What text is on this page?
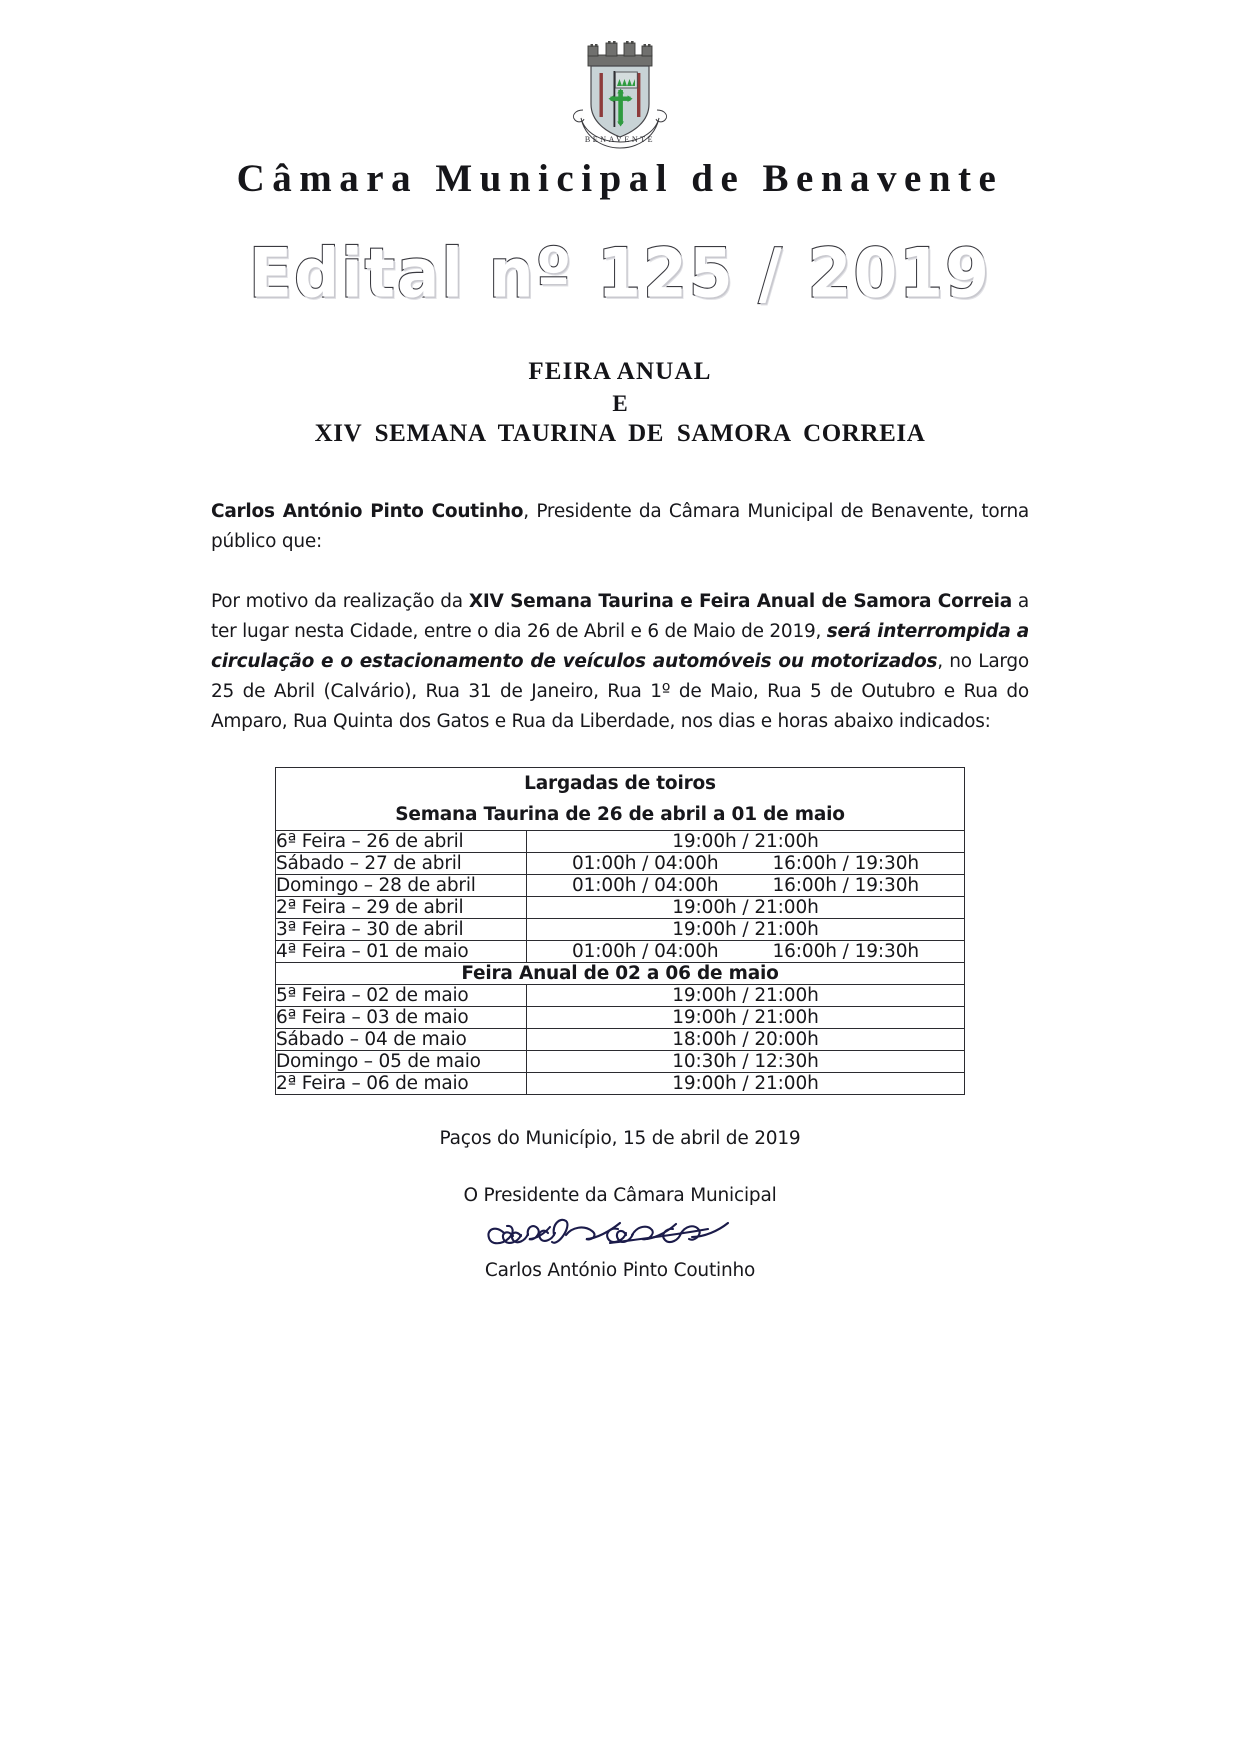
BENAVENTE
Câmara Municipal de Benavente
Edital nº 125 / 2019
FEIRA ANUAL
E
XIV SEMANA TAURINA DE SAMORA CORREIA

Carlos António Pinto Coutinho, Presidente da Câmara Municipal de Benavente, torna público que:

Por motivo da realização da XIV Semana Taurina e Feira Anual de Samora Correia a ter lugar nesta Cidade, entre o dia 26 de Abril e 6 de Maio de 2019, será interrompida a circulação e o estacionamento de veículos automóveis ou motorizados, no Largo 25 de Abril (Calvário), Rua 31 de Janeiro, Rua 1º de Maio, Rua 5 de Outubro e Rua do Amparo, Rua Quinta dos Gatos e Rua da Liberdade, nos dias e horas abaixo indicados:

Largadas de toiros
Semana Taurina de 26 de abril a 01 de maio	

6ª Feira – 26 de abril	19:00h / 21:00h
Sábado – 27 de abril	01:00h / 04:00h 16:00h / 19:30h

Domingo – 28 de abril	01:00h / 04:00h 16:00h / 19:30h

2ª Feira – 29 de abril	19:00h / 21:00h
3ª Feira – 30 de abril	19:00h / 21:00h
4ª Feira – 01 de maio	01:00h / 04:00h 16:00h / 19:30h

Feira Anual de 02 a 06 de maio	
5ª Feira – 02 de maio	19:00h / 21:00h
6ª Feira – 03 de maio	19:00h / 21:00h
Sábado – 04 de maio	18:00h / 20:00h
Domingo – 05 de maio	10:30h / 12:30h
2ª Feira – 06 de maio	19:00h / 21:00h
Paços do Município, 15 de abril de 2019
O Presidente da Câmara Municipal
Carlos António Pinto Coutinho
